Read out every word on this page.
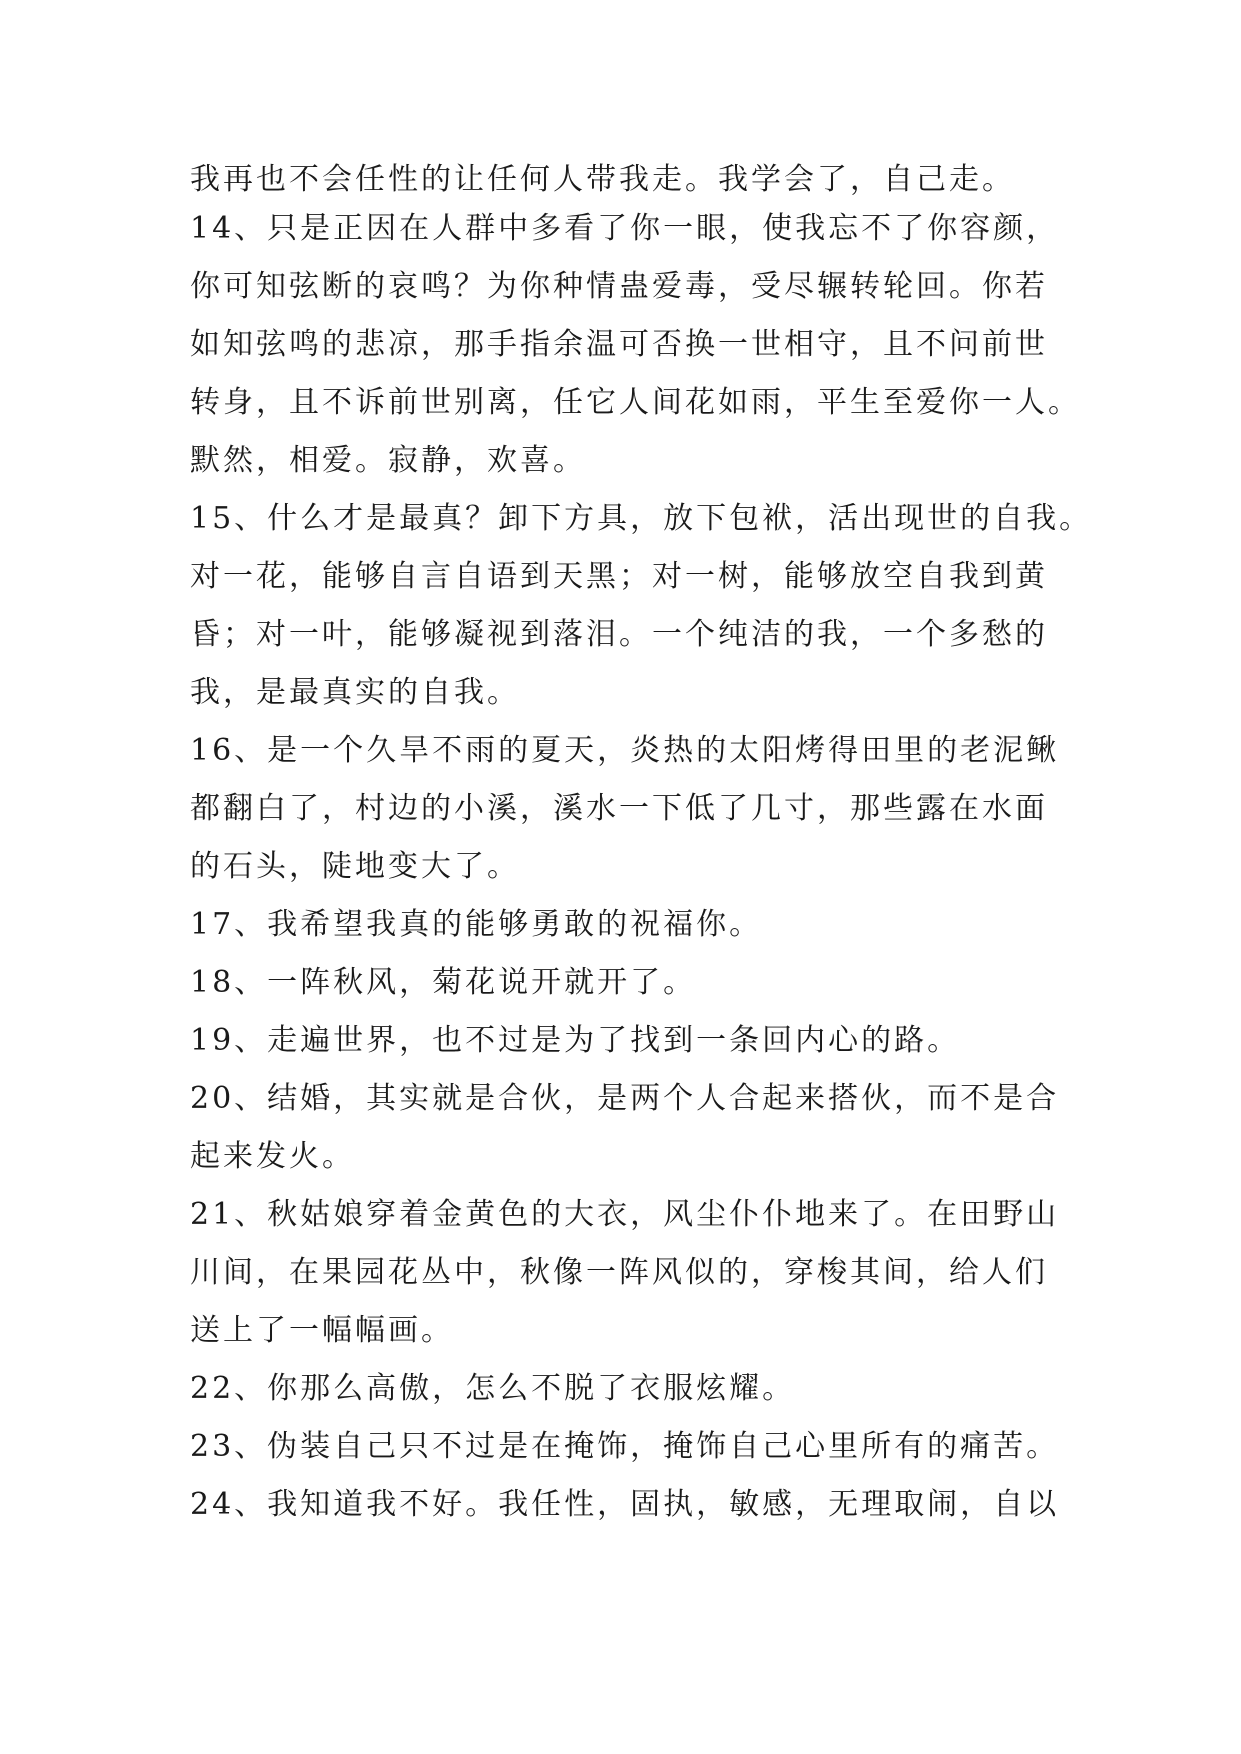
我再也不会任性的让任何人带我走。我学会了，自己走。
14、只是正因在人群中多看了你一眼，使我忘不了你容颜，
你可知弦断的哀鸣？为你种情蛊爱毒，受尽辗转轮回。你若
如知弦鸣的悲凉，那手指余温可否换一世相守，且不问前世
转身，且不诉前世别离，任它人间花如雨，平生至爱你一人。
默然，相爱。寂静，欢喜。
15、什么才是最真？卸下方具，放下包袱，活出现世的自我。
对一花，能够自言自语到天黑；对一树，能够放空自我到黄
昏；对一叶，能够凝视到落泪。一个纯洁的我，一个多愁的
我，是最真实的自我。
16、是一个久旱不雨的夏天，炎热的太阳烤得田里的老泥鳅
都翻白了，村边的小溪，溪水一下低了几寸，那些露在水面
的石头，陡地变大了。
17、我希望我真的能够勇敢的祝福你。
18、一阵秋风，菊花说开就开了。
19、走遍世界，也不过是为了找到一条回内心的路。
20、结婚，其实就是合伙，是两个人合起来搭伙，而不是合
起来发火。
21、秋姑娘穿着金黄色的大衣，风尘仆仆地来了。在田野山
川间，在果园花丛中，秋像一阵风似的，穿梭其间，给人们
送上了一幅幅画。
22、你那么高傲，怎么不脱了衣服炫耀。
23、伪装自己只不过是在掩饰，掩饰自己心里所有的痛苦。
24、我知道我不好。我任性，固执，敏感，无理取闹，自以
